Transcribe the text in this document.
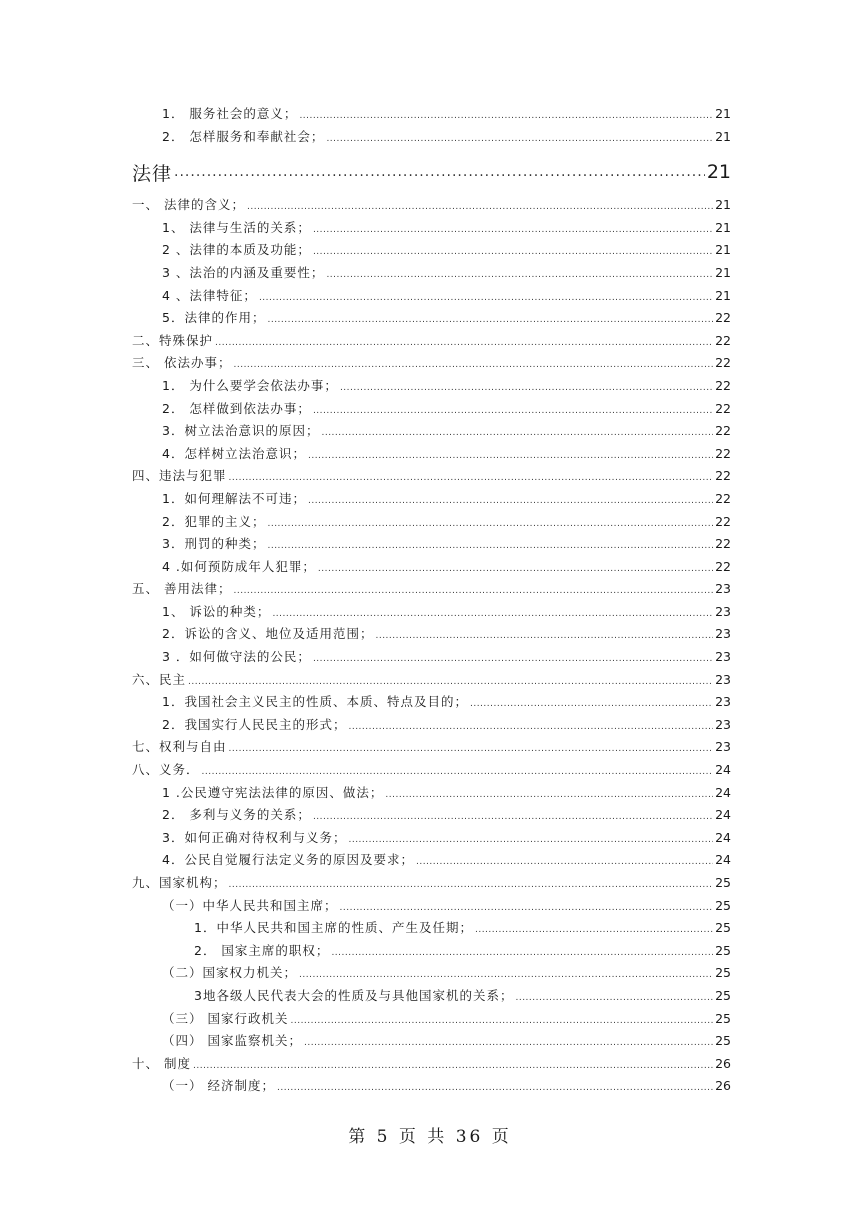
1． 服务社会的意义； .....	21
2． 怎样服务和奉献社会； .....	21
法律 .....	21
一、 法律的含义； .....	21
1、 法律与生活的关系； .....	21
2 、法律的本质及功能； .....	21
3 、法治的内涵及重要性； .....	21
4 、法律特征； .....	21
5．法律的作用； .....	22
二、特殊保护 .....	22
三、 依法办事； .....	22
1． 为什么要学会依法办事； .....	22
2． 怎样做到依法办事； .....	22
3．树立法治意识的原因； .....	22
4．怎样树立法治意识； .....	22
四、违法与犯罪 .....	22
1．如何理解法不可违； .....	22
2．犯罪的主义； .....	22
3．刑罚的种类； .....	22
4 .如何预防成年人犯罪； .....	22
五、 善用法律； .....	23
1、 诉讼的种类； .....	23
2．诉讼的含义、地位及适用范围； .....	23
3 ．如何做守法的公民； .....	23
六、民主 .....	23
1．我国社会主义民主的性质、本质、特点及目的； .....	23
2．我国实行人民民主的形式； .....	23
七、权利与自由 .....	23
八、义务． .....	24
1 .公民遵守宪法法律的原因、做法； .....	24
2． 多利与义务的关系； .....	24
3．如何正确对待权利与义务； .....	24
4．公民自觉履行法定义务的原因及要求； .....	24
九、国家机构； .....	25
（一）中华人民共和国主席； .....	25
1．中华人民共和国主席的性质、产生及任期； .....	25
2． 国家主席的职权； .....	25
（二）国家权力机关； .....	25
3地各级人民代表大会的性质及与具他国家机的关系； .....	25
（三） 国家行政机关 .....	25
（四） 国家监察机关； .....	25
十、 制度 .....	26
（一） 经济制度； .....	26
第 5 页 共 36 页
